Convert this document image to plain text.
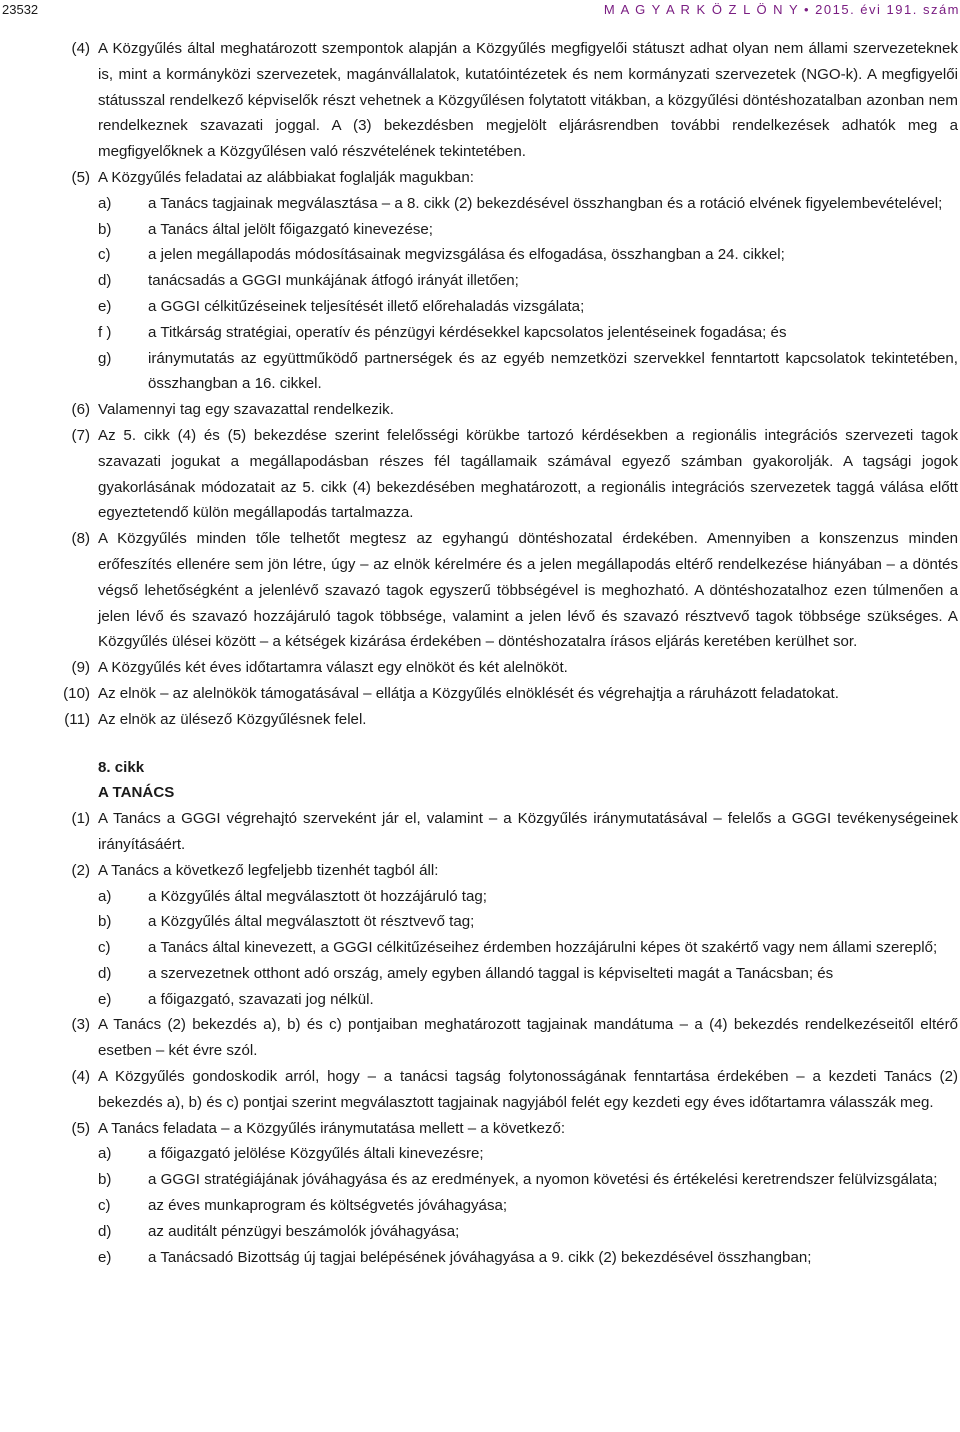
23532	M A G Y A R K Ö Z L Ö N Y • 2015. évi 191. szám
(4) A Közgyűlés által meghatározott szempontok alapján a Közgyűlés megfigyelői státuszt adhat olyan nem állami szervezeteknek is, mint a kormányközi szervezetek, magánvállalatok, kutatóintézetek és nem kormányzati szervezetek (NGO-k). A megfigyelői státusszal rendelkező képviselők részt vehetnek a Közgyűlésen folytatott vitákban, a közgyűlési döntéshozatalban azonban nem rendelkeznek szavazati joggal. A (3) bekezdésben megjelölt eljárásrendben további rendelkezések adhatók meg a megfigyelőknek a Közgyűlésen való részvételének tekintetében.
(5) A Közgyűlés feladatai az alábbiakat foglalják magukban:
a) a Tanács tagjainak megválasztása – a 8. cikk (2) bekezdésével összhangban és a rotáció elvének figyelembevételével;
b) a Tanács által jelölt főigazgató kinevezése;
c) a jelen megállapodás módosításainak megvizsgálása és elfogadása, összhangban a 24. cikkel;
d) tanácsadás a GGGI munkájának átfogó irányát illetően;
e) a GGGI célkitűzéseinek teljesítését illető előrehaladás vizsgálata;
f ) a Titkárság stratégiai, operatív és pénzügyi kérdésekkel kapcsolatos jelentéseinek fogadása; és
g) iránymutatás az együttműködő partnerségek és az egyéb nemzetközi szervekkel fenntartott kapcsolatok tekintetében, összhangban a 16. cikkel.
(6) Valamennyi tag egy szavazattal rendelkezik.
(7) Az 5. cikk (4) és (5) bekezdése szerint felelősségi körükbe tartozó kérdésekben a regionális integrációs szervezeti tagok szavazati jogukat a megállapodásban részes fél tagállamaik számával egyező számban gyakorolják. A tagsági jogok gyakorlásának módozatait az 5. cikk (4) bekezdésében meghatározott, a regionális integrációs szervezetek taggá válása előtt egyeztetendő külön megállapodás tartalmazza.
(8) A Közgyűlés minden tőle telhetőt megtesz az egyhangú döntéshozatal érdekében. Amennyiben a konszenzus minden erőfeszítés ellenére sem jön létre, úgy – az elnök kérelmére és a jelen megállapodás eltérő rendelkezése hiányában – a döntés végső lehetőségként a jelenlévő szavazó tagok egyszerű többségével is meghozható. A döntéshozatalhoz ezen túlmenően a jelen lévő és szavazó hozzájáruló tagok többsége, valamint a jelen lévő és szavazó résztvevő tagok többsége szükséges. A Közgyűlés ülései között – a kétségek kizárása érdekében – döntéshozatalra írásos eljárás keretében kerülhet sor.
(9) A Közgyűlés két éves időtartamra választ egy elnököt és két alelnököt.
(10) Az elnök – az alelnökök támogatásával – ellátja a Közgyűlés elnöklését és végrehajtja a ráruházott feladatokat.
(11) Az elnök az ülésező Közgyűlésnek felel.
8. cikk
A TANÁCS
(1) A Tanács a GGGI végrehajtó szerveként jár el, valamint – a Közgyűlés iránymutatásával – felelős a GGGI tevékenységeinek irányításáért.
(2) A Tanács a következő legfeljebb tizenhét tagból áll:
a) a Közgyűlés által megválasztott öt hozzájáruló tag;
b) a Közgyűlés által megválasztott öt résztvevő tag;
c) a Tanács által kinevezett, a GGGI célkitűzéseihez érdemben hozzájárulni képes öt szakértő vagy nem állami szereplő;
d) a szervezetnek otthont adó ország, amely egyben állandó taggal is képviselteti magát a Tanácsban; és
e) a főigazgató, szavazati jog nélkül.
(3) A Tanács (2) bekezdés a), b) és c) pontjaiban meghatározott tagjainak mandátuma – a (4) bekezdés rendelkezéseitől eltérő esetben – két évre szól.
(4) A Közgyűlés gondoskodik arról, hogy – a tanácsi tagság folytonosságának fenntartása érdekében – a kezdeti Tanács (2) bekezdés a), b) és c) pontjai szerint megválasztott tagjainak nagyjából felét egy kezdeti egy éves időtartamra válasszák meg.
(5) A Tanács feladata – a Közgyűlés iránymutatása mellett – a következő:
a) a főigazgató jelölése Közgyűlés általi kinevezésre;
b) a GGGI stratégiájának jóváhagyása és az eredmények, a nyomon követési és értékelési keretrendszer felülvizsgálata;
c) az éves munkaprogram és költségvetés jóváhagyása;
d) az auditált pénzügyi beszámolók jóváhagyása;
e) a Tanácsadó Bizottság új tagjai belépésének jóváhagyása a 9. cikk (2) bekezdésével összhangban;
